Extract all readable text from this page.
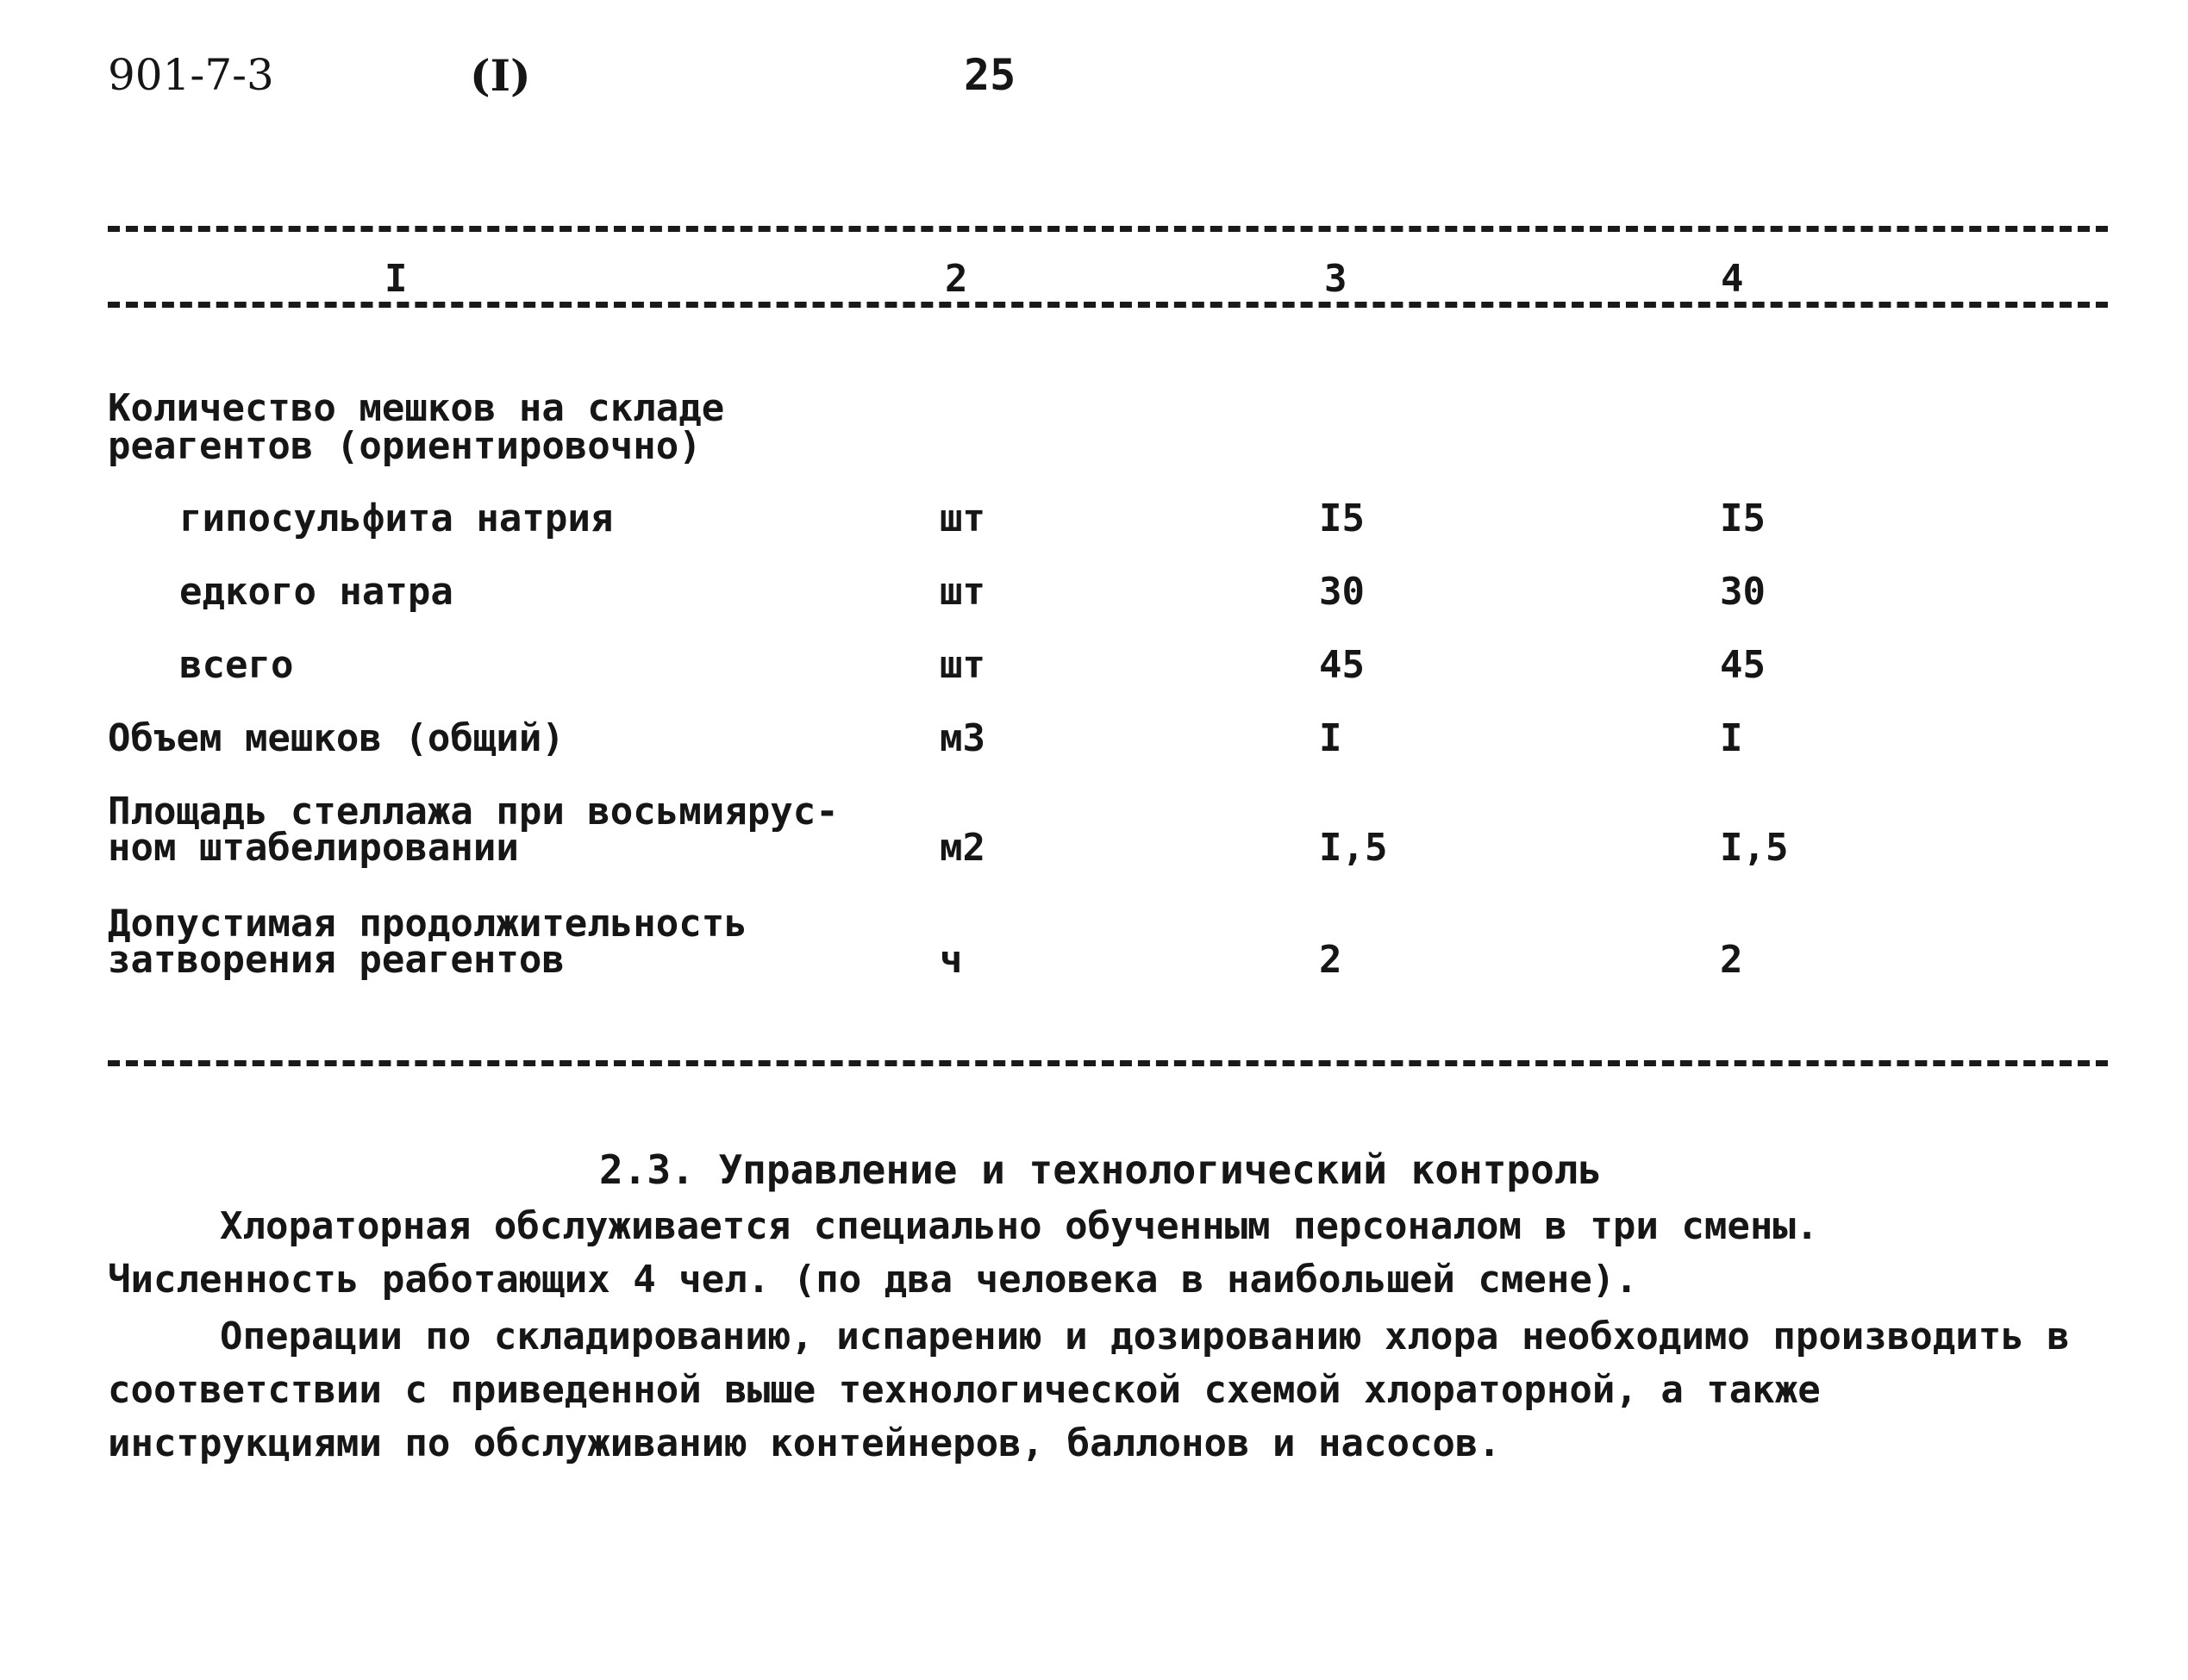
901-7-3	(I)	25
I	2	3	4
Количество мешков на складе
реагентов (ориентировочно)
гипосульфита натрия	шт	I5	I5
едкого натра	шт	30	30
всего	шт	45	45
Объем мешков (общий)	м3	I	I
Площадь стеллажа при восьмиярус-
ном штабелировании	м2	I,5	I,5
Допустимая продолжительность
затворения реагентов	ч	2	2
2.3. Управление и технологический контроль
Хлораторная обслуживается специально обученным персоналом в три смены. Численность работающих 4 чел. (по два человека в наибольшей смене).
Операции по складированию, испарению и дозированию хлора необходимо производить в соответствии с приведенной выше технологической схемой хлораторной, а также инструкциями по обслуживанию контейнеров, баллонов и насосов.
